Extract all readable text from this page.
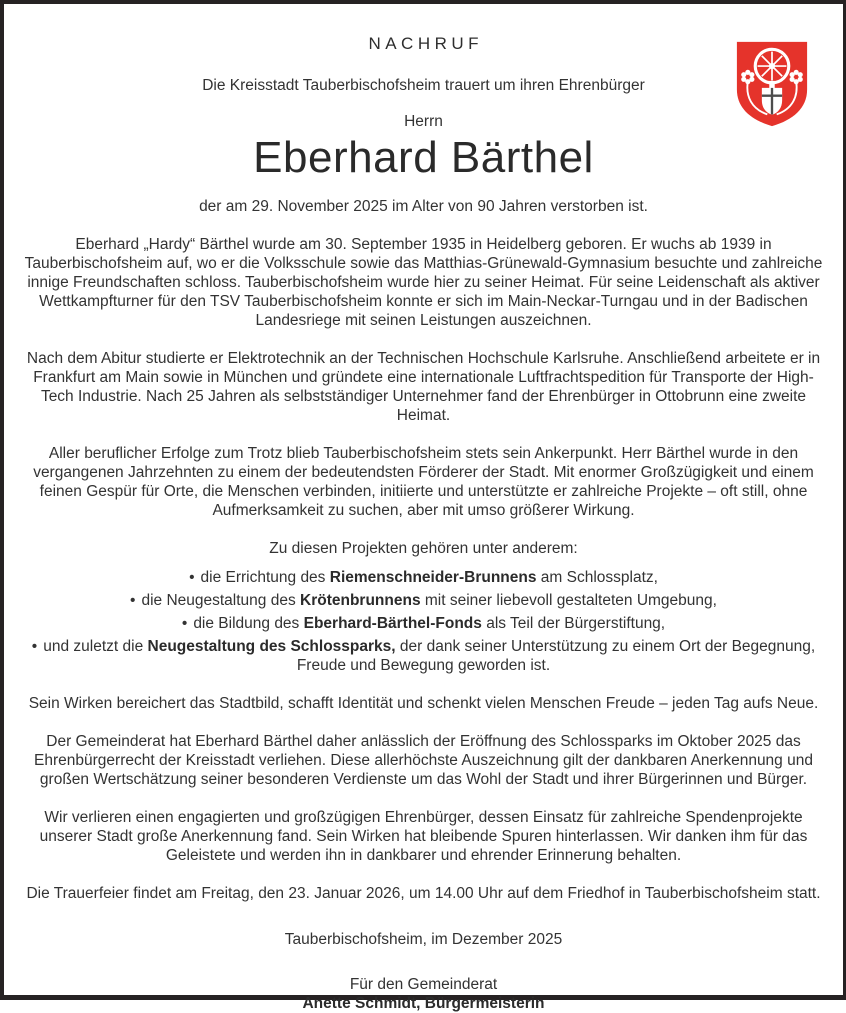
NACHRUF

Die Kreisstadt Tauberbischofsheim trauert um ihren Ehrenbürger

Herrn

Eberhard Bärthel

der am 29. November 2025 im Alter von 90 Jahren verstorben ist.

Eberhard „Hardy“ Bärthel wurde am 30. September 1935 in Heidelberg geboren. Er wuchs ab 1939 in Tauberbischofsheim auf, wo er die Volksschule sowie das Matthias-Grünewald-Gymnasium besuchte und zahlreiche innige Freundschaften schloss. Tauberbischofsheim wurde hier zu seiner Heimat. Für seine Leidenschaft als aktiver Wettkampfturner für den TSV Tauberbischofsheim konnte er sich im Main-Neckar-Turngau und in der Badischen Landesriege mit seinen Leistungen auszeichnen.

Nach dem Abitur studierte er Elektrotechnik an der Technischen Hochschule Karlsruhe. Anschließend arbeitete er in Frankfurt am Main sowie in München und gründete eine internationale Luftfrachtspedition für Transporte der High-Tech Industrie. Nach 25 Jahren als selbstständiger Unternehmer fand der Ehrenbürger in Ottobrunn eine zweite Heimat.

Aller beruflicher Erfolge zum Trotz blieb Tauberbischofsheim stets sein Ankerpunkt. Herr Bärthel wurde in den vergangenen Jahrzehnten zu einem der bedeutendsten Förderer der Stadt. Mit enormer Großzügigkeit und einem feinen Gespür für Orte, die Menschen verbinden, initiierte und unterstützte er zahlreiche Projekte – oft still, ohne Aufmerksamkeit zu suchen, aber mit umso größerer Wirkung.

Zu diesen Projekten gehören unter anderem:

• die Errichtung des Riemenschneider-Brunnens am Schlossplatz,
• die Neugestaltung des Krötenbrunnens mit seiner liebevoll gestalteten Umgebung,
• die Bildung des Eberhard-Bärthel-Fonds als Teil der Bürgerstiftung,
• und zuletzt die Neugestaltung des Schlossparks, der dank seiner Unterstützung zu einem Ort der Begegnung, Freude und Bewegung geworden ist.

Sein Wirken bereichert das Stadtbild, schafft Identität und schenkt vielen Menschen Freude – jeden Tag aufs Neue.

Der Gemeinderat hat Eberhard Bärthel daher anlässlich der Eröffnung des Schlossparks im Oktober 2025 das Ehrenbürgerrecht der Kreisstadt verliehen. Diese allerhöchste Auszeichnung gilt der dankbaren Anerkennung und großen Wertschätzung seiner besonderen Verdienste um das Wohl der Stadt und ihrer Bürgerinnen und Bürger.

Wir verlieren einen engagierten und großzügigen Ehrenbürger, dessen Einsatz für zahlreiche Spendenprojekte unserer Stadt große Anerkennung fand. Sein Wirken hat bleibende Spuren hinterlassen. Wir danken ihm für das Geleistete und werden ihn in dankbarer und ehrender Erinnerung behalten.

Die Trauerfeier findet am Freitag, den 23. Januar 2026, um 14.00 Uhr auf dem Friedhof in Tauberbischofsheim statt.

Tauberbischofsheim, im Dezember 2025

Für den Gemeinderat

Anette Schmidt, Bürgermeisterin
